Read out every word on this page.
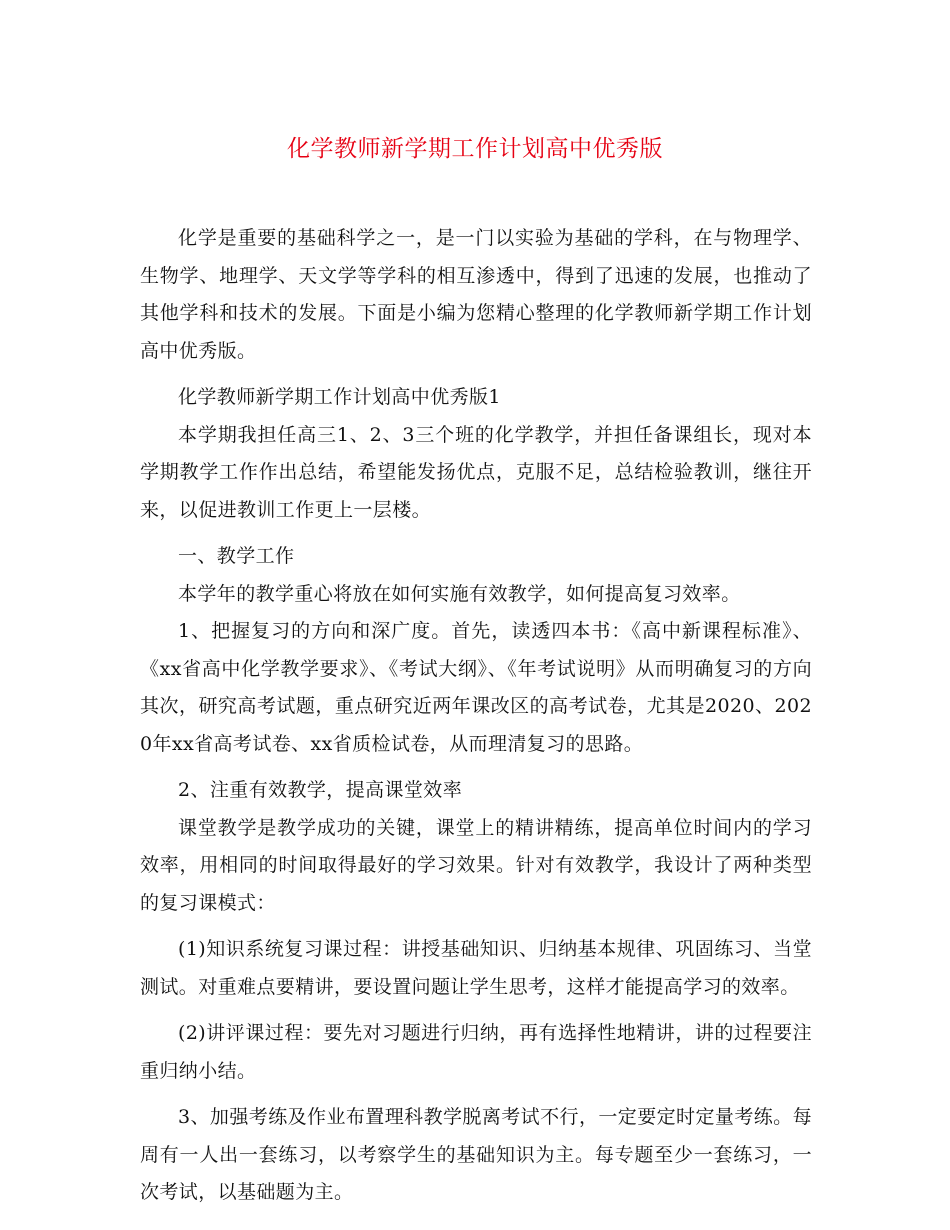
化学教师新学期工作计划高中优秀版

化学是重要的基础科学之一，是一门以实验为基础的学科，在与物理学、生物学、地理学、天文学等学科的相互渗透中，得到了迅速的发展，也推动了其他学科和技术的发展。下面是小编为您精心整理的化学教师新学期工作计划高中优秀版。

化学教师新学期工作计划高中优秀版1

本学期我担任高三1、2、3三个班的化学教学，并担任备课组长，现对本学期教学工作作出总结，希望能发扬优点，克服不足，总结检验教训，继往开来，以促进教训工作更上一层楼。

一、教学工作

本学年的教学重心将放在如何实施有效教学，如何提高复习效率。

1、把握复习的方向和深广度。首先，读透四本书：《高中新课程标准》、《xx省高中化学教学要求》、《考试大纲》、《年考试说明》从而明确复习的方向其次，研究高考试题，重点研究近两年课改区的高考试卷，尤其是2020、2020年xx省高考试卷、xx省质检试卷，从而理清复习的思路。

2、注重有效教学，提高课堂效率

课堂教学是教学成功的关键，课堂上的精讲精练，提高单位时间内的学习效率，用相同的时间取得最好的学习效果。针对有效教学，我设计了两种类型的复习课模式：

(1)知识系统复习课过程：讲授基础知识、归纳基本规律、巩固练习、当堂测试。对重难点要精讲，要设置问题让学生思考，这样才能提高学习的效率。

(2)讲评课过程：要先对习题进行归纳，再有选择性地精讲，讲的过程要注重归纳小结。

3、加强考练及作业布置理科教学脱离考试不行，一定要定时定量考练。每周有一人出一套练习，以考察学生的基础知识为主。每专题至少一套练习，一次考试，以基础题为主。
